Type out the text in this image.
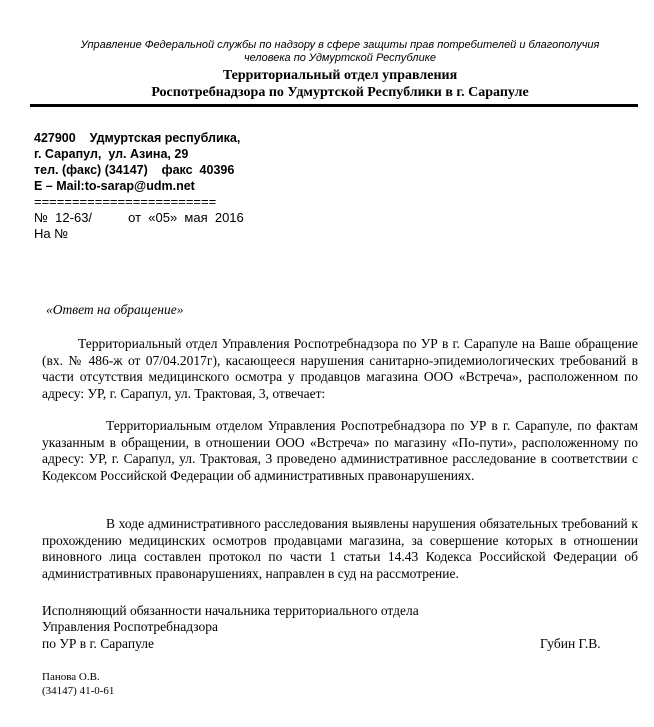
Управление Федеральной службы по надзору в сфере защиты прав потребителей и благополучия
человека по Удмуртской Республике
Территориальный отдел управления
Роспотребнадзора по Удмуртской Республики в г. Сарапуле
427900    Удмуртская республика,
г. Сарапул,  ул. Азина, 29
тел. (факс) (34147)    факс  40396
E – Mail:to-sarap@udm.net
========================
№  12-63/          от  «05»  мая  2016
На №
«Ответ на обращение»
Территориальный отдел Управления Роспотребнадзора по УР в г. Сарапуле на Ваше обращение (вх. № 486-ж от 07/04.2017г), касающееся нарушения санитарно-эпидемиологических требований в части отсутствия медицинского осмотра у продавцов магазина ООО «Встреча», расположенном по адресу: УР, г. Сарапул, ул. Трактовая, 3, отвечает:
Территориальным отделом Управления Роспотребнадзора по УР в г. Сарапуле, по фактам указанным в обращении, в отношении ООО «Встреча» по магазину «По-пути», расположенному по адресу: УР, г. Сарапул, ул. Трактовая, 3 проведено административное расследование в соответствии с Кодексом Российской Федерации об административных правонарушениях.
В ходе административного расследования выявлены нарушения обязательных требований к прохождению медицинских осмотров продавцами магазина, за совершение которых в отношении виновного лица составлен протокол по части 1 статьи 14.43 Кодекса Российской Федерации об административных правонарушениях, направлен в суд на рассмотрение.
Исполняющий обязанности начальника территориального отдела
Управления Роспотребнадзора
по УР в г. Сарапуле	Губин Г.В.
Панова О.В.
(34147) 41-0-61
